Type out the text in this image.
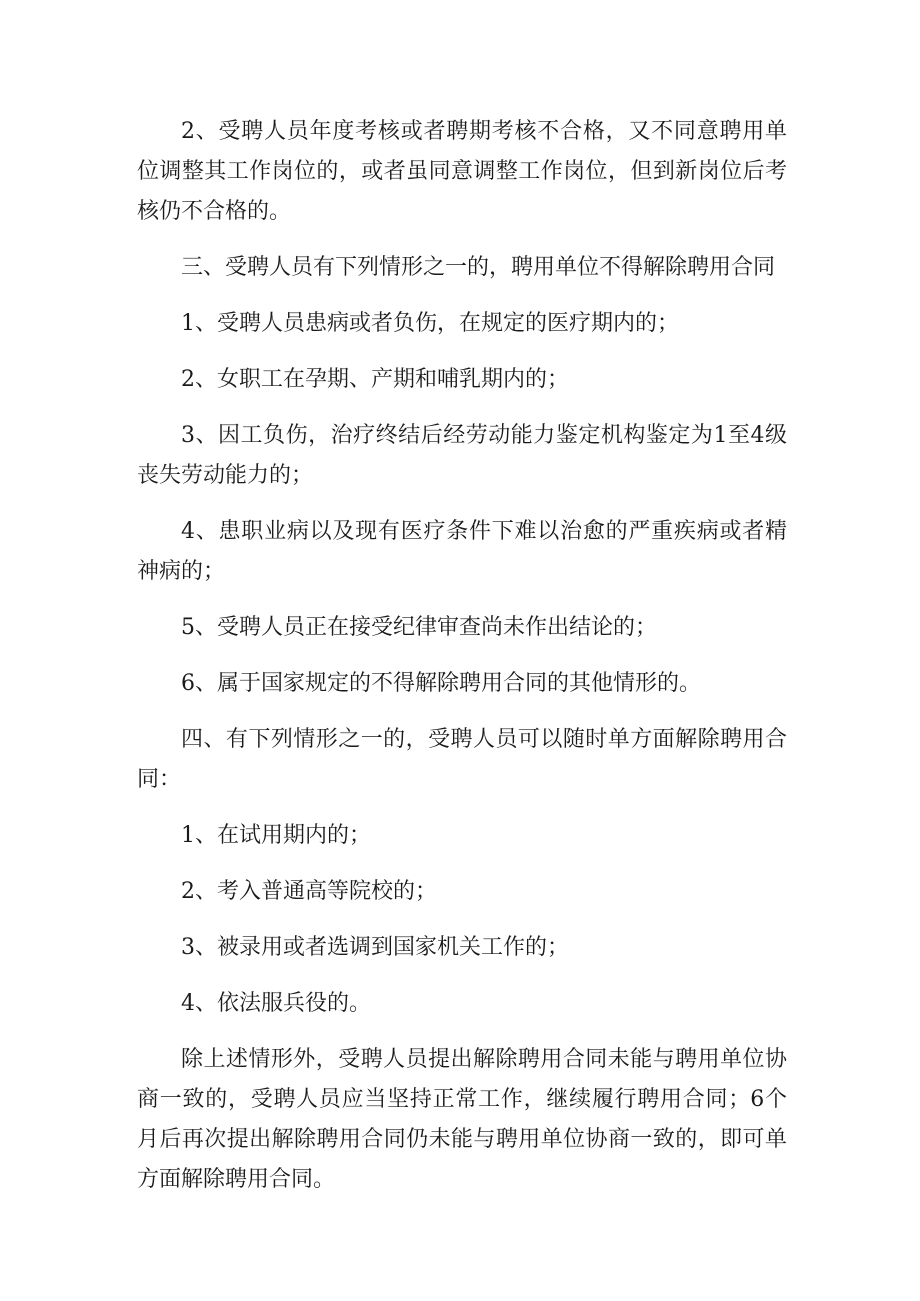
2、受聘人员年度考核或者聘期考核不合格，又不同意聘用单位调整其工作岗位的，或者虽同意调整工作岗位，但到新岗位后考核仍不合格的。

三、受聘人员有下列情形之一的，聘用单位不得解除聘用合同

1、受聘人员患病或者负伤，在规定的医疗期内的；

2、女职工在孕期、产期和哺乳期内的；

3、因工负伤，治疗终结后经劳动能力鉴定机构鉴定为1至4级丧失劳动能力的；

4、患职业病以及现有医疗条件下难以治愈的严重疾病或者精神病的；

5、受聘人员正在接受纪律审查尚未作出结论的；

6、属于国家规定的不得解除聘用合同的其他情形的。

四、有下列情形之一的，受聘人员可以随时单方面解除聘用合同：

1、在试用期内的；

2、考入普通高等院校的；

3、被录用或者选调到国家机关工作的；

4、依法服兵役的。

除上述情形外，受聘人员提出解除聘用合同未能与聘用单位协商一致的，受聘人员应当坚持正常工作，继续履行聘用合同；6个月后再次提出解除聘用合同仍未能与聘用单位协商一致的，即可单方面解除聘用合同。
